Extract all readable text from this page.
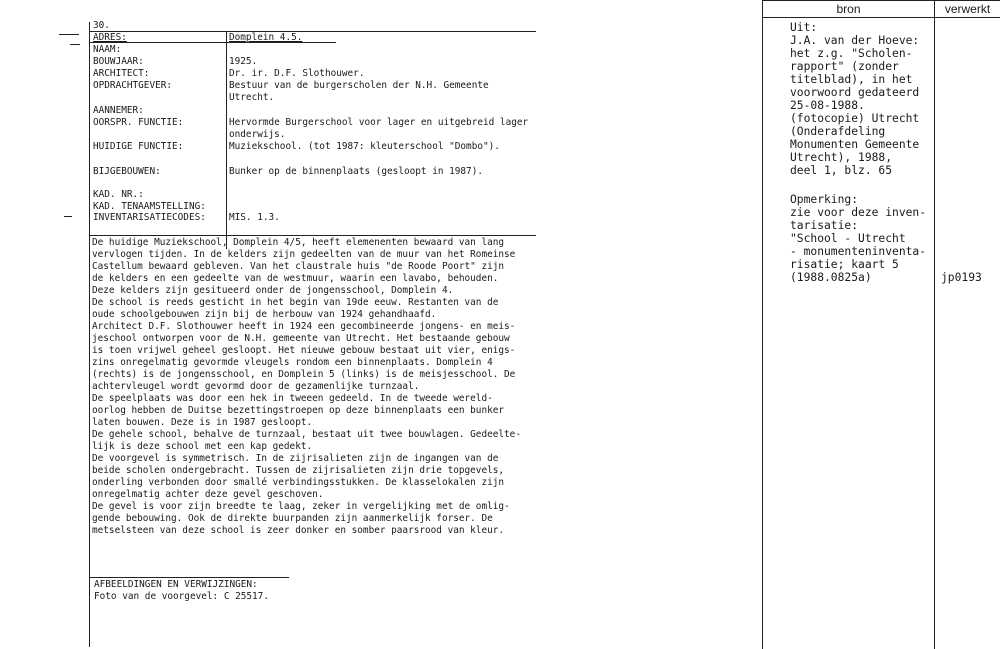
30.
ADRES:	Domplein 4.5.
NAAM:
BOUWJAAR:	1925.
ARCHITECT:	Dr. ir. D.F. Slothouwer.
OPDRACHTGEVER:	Bestuur van de burgerscholen der N.H. Gemeente
Utrecht.
AANNEMER:
OORSPR. FUNCTIE:	Hervormde Burgerschool voor lager en uitgebreid lager
onderwijs.
HUIDIGE FUNCTIE:	Muziekschool. (tot 1987: kleuterschool "Dombo").
BIJGEBOUWEN:	Bunker op de binnenplaats (gesloopt in 1987).
KAD. NR.:
KAD. TENAAMSTELLING:
INVENTARISATIECODES: MIS. 1.3.
De huidige Muziekschool, Domplein 4/5, heeft elemenenten bewaard van lang
vervlogen tijden. In de kelders zijn gedeelten van de muur van het Romeinse
Castellum bewaard gebleven. Van het claustrale huis "de Roode Poort" zijn
de kelders en een gedeelte van de westmuur, waarin een lavabo, behouden.
Deze kelders zijn gesitueerd onder de jongensschool, Domplein 4.
De school is reeds gesticht in het begin van 19de eeuw. Restanten van de
oude schoolgebouwen zijn bij de herbouw van 1924 gehandhaafd.
Architect D.F. Slothouwer heeft in 1924 een gecombineerde jongens- en meis-
jeschool ontworpen voor de N.H. gemeente van Utrecht. Het bestaande gebouw
is toen vrijwel geheel gesloopt. Het nieuwe gebouw bestaat uit vier, enigs-
zins onregelmatig gevormde vleugels rondom een binnenplaats. Domplein 4
(rechts) is de jongensschool, en Domplein 5 (links) is de meisjesschool. De
achtervleugel wordt gevormd door de gezamenlijke turnzaal.
De speelplaats was door een hek in tweeen gedeeld. In de tweede wereld-
oorlog hebben de Duitse bezettingstroepen op deze binnenplaats een bunker
laten bouwen. Deze is in 1987 gesloopt.
De gehele school, behalve de turnzaal, bestaat uit twee bouwlagen. Gedeelte-
lijk is deze school met een kap gedekt.
De voorgevel is symmetrisch. In de zijrisalieten zijn de ingangen van de
beide scholen ondergebracht. Tussen de zijrisalieten zijn drie topgevels,
onderling verbonden door smallé verbindingsstukken. De klasselokalen zijn
onregelmatig achter deze gevel geschoven.
De gevel is voor zijn breedte te laag, zeker in vergelijking met de omlig-
gende bebouwing. Ook de direkte buurpanden zijn aanmerkelijk forser. De
metselsteen van deze school is zeer donker en somber paarsrood van kleur.
AFBEELDINGEN EN VERWIJZINGEN:
Foto van de voorgevel: C 25517.
bron	verwerkt
Uit:
J.A. van der Hoeve:
het z.g. "Scholen-
rapport" (zonder
titelblad), in het
voorwoord gedateerd
25-08-1988.
(fotocopie) Utrecht
(Onderafdeling
Monumenten Gemeente
Utrecht), 1988,
deel 1, blz. 65
Opmerking:
zie voor deze inven-
tarisatie:
"School - Utrecht
- monumenteninventa-
risatie; kaart 5
(1988.0825a)	jp0193
